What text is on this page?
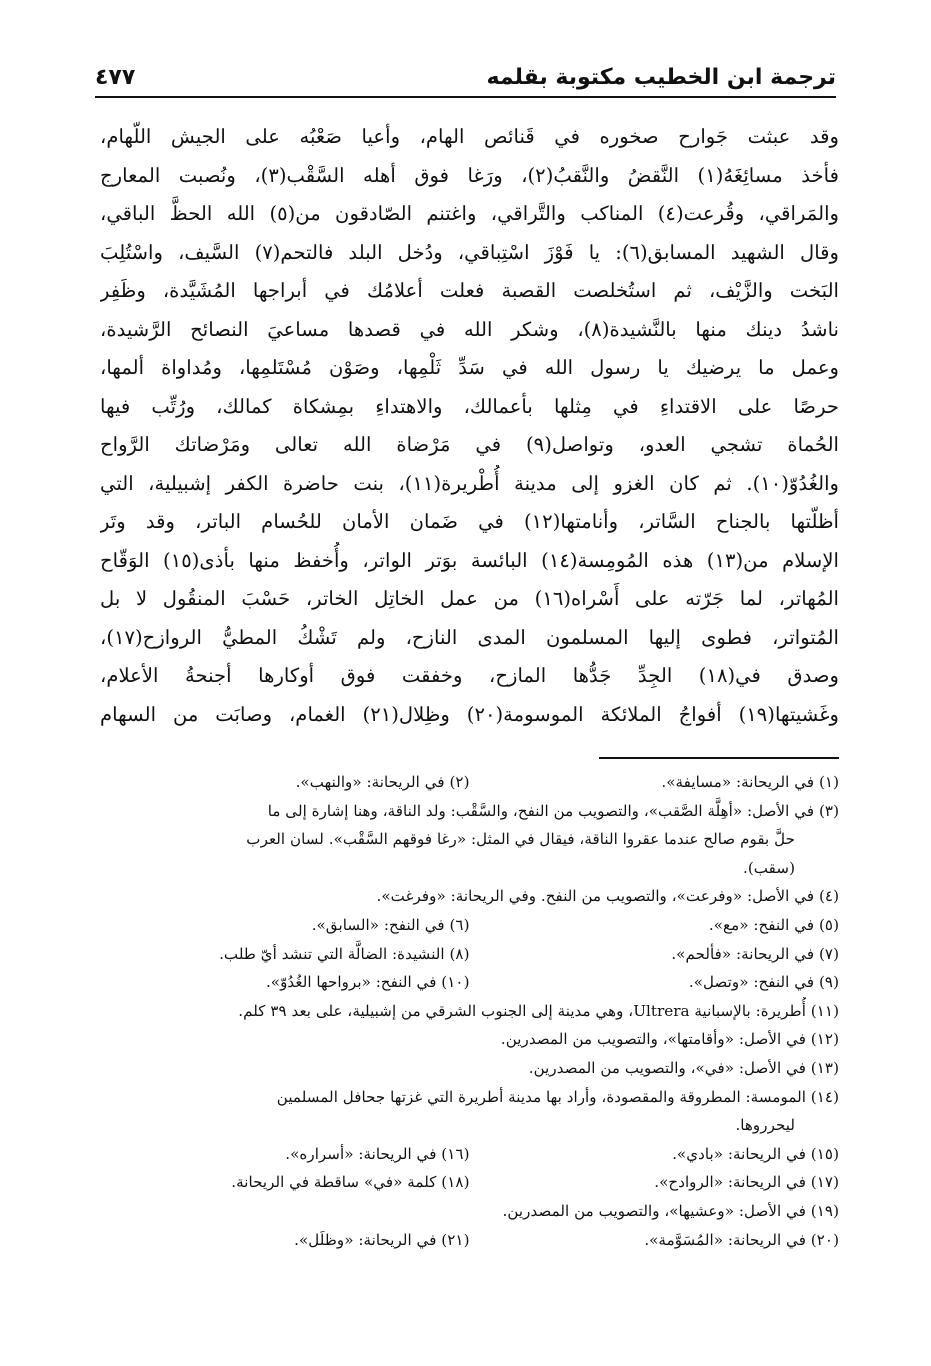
ترجمة ابن الخطيب مكتوبة بقلمه
٤٧٧
وقد عبثت جَوارح صخوره في قَنائص الهام، وأعيا صَعْبُه على الجيش اللّهام،
فأخذ مسائِغَهُ(١) النَّقضُ والنَّقبُ(٢)، ورَغا فوق أهله السَّقْب(٣)، ونُصبت المعارج
والمَراقي، وقُرعت(٤) المناكب والتَّراقي، واغتنم الصّادقون من(٥) الله الحظَّ الباقي،
وقال الشهيد المسابق(٦): يا فَوْزَ اسْتِباقي، ودُخل البلد فالتحم(٧) السَّيف، واسْتُلِبَ
البَخت والزَّيْف، ثم استُخلصت القصبة فعلت أعلامُك في أبراجها المُشَيَّدة، وظَفِر
ناشدُ دينك منها بالنَّشيدة(٨)، وشكر الله في قصدها مساعيَ النصائح الرَّشيدة،
وعمل ما يرضيك يا رسول الله في سَدِّ ثَلْمِها، وصَوْن مُسْتَلمِها، ومُداواة ألمها،
حرصًا على الاقتداءِ في مِثلها بأعمالك، والاهتداءِ بمِشكاة كمالك، ورُتِّب فيها
الحُماة تشجي العدو، وتواصل(٩) في مَرْضاة الله تعالى ومَرْضاتك الرَّواح
والغُدُوّ(١٠). ثم كان الغزو إلى مدينة أُطْريرة(١١)، بنت حاضرة الكفر إشبيلية، التي
أظلّتها بالجناح السَّاتر، وأنامتها(١٢) في ضَمان الأمان للحُسام الباتر، وقد وتَر
الإسلام من(١٣) هذه المُومِسة(١٤) البائسة بوَتر الواتر، وأُخفظ منها بأذى(١٥) الوَقّاح
المُهاتر، لما جَرّته على أَسْراه(١٦) من عمل الخاتِل الخاتر، حَسْبَ المنقُول لا بل
المُتواتر، فطوى إليها المسلمون المدى النازح، ولم تَشْكُ المطيُّ الروازح(١٧)،
وصدق في(١٨) الجِدِّ جَدُّها المازح، وخفقت فوق أوكارها أجنحةُ الأعلام،
وغَشيتها(١٩) أفواجُ الملائكة الموسومة(٢٠) وظِلال(٢١) الغمام، وصابَت من السهام
(١) في الريحانة: «مسايفة».
(٢) في الريحانة: «والنهب».
(٣) في الأصل: «أهِلَّة الصَّقب»، والتصويب من النفح، والسَّقْب: ولد الناقة، وهنا إشارة إلى ما
حلَّ بقوم صالح عندما عقروا الناقة، فيقال في المثل: «رغا فوقهم السَّقْب». لسان العرب
(سقب).
(٤) في الأصل: «وفرعت»، والتصويب من النفح. وفي الريحانة: «وفرغت».
(٥) في النفح: «مع».
(٦) في النفح: «السابق».
(٧) في الريحانة: «فألحم».
(٨) النشيدة: الضالَّة التي تنشد أيّ طلب.
(٩) في النفح: «وتصل».
(١٠) في النفح: «برواحها الغُدُوّ».
(١١) أُطريرة: بالإسبانية Ultrera، وهي مدينة إلى الجنوب الشرقي من إشبيلية، على بعد ٣٩ كلم.
(١٢) في الأصل: «وأقامتها»، والتصويب من المصدرين.
(١٣) في الأصل: «في»، والتصويب من المصدرين.
(١٤) المومسة: المطروقة والمقصودة، وأراد بها مدينة أطريرة التي غزتها جحافل المسلمين
ليحرروها.
(١٥) في الريحانة: «بادي».
(١٦) في الريحانة: «أسراره».
(١٧) في الريحانة: «الروادح».
(١٨) كلمة «في» ساقطة في الريحانة.
(١٩) في الأصل: «وعشيها»، والتصويب من المصدرين.
(٢٠) في الريحانة: «المُسَوَّمة».
(٢١) في الريحانة: «وظلَل».
